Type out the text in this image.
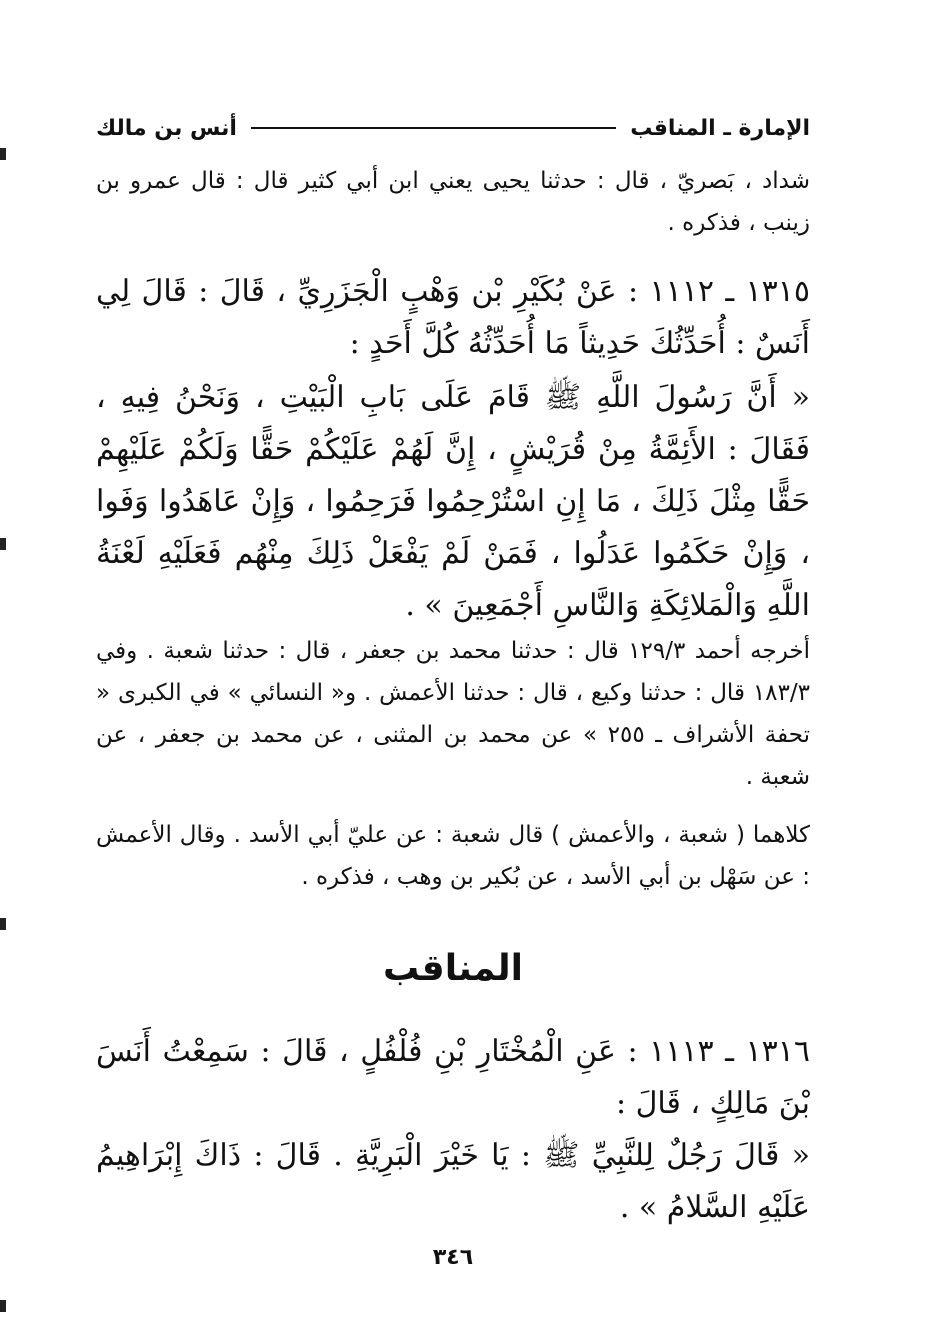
الإمارة ـ المناقب
أنس بن مالك

شداد ، بَصريّ ، قال : حدثنا يحيى يعني ابن أبي كثير قال : قال عمرو بن زينب ، فذكره .

١٣١٥ ـ ١١١٢ : عَنْ بُكَيْرِ بْن وَهْبٍ الْجَزَرِيِّ ، قَالَ : قَالَ لِي أَنَسٌ : أُحَدِّثُكَ حَدِيثاً مَا أُحَدِّثُهُ كُلَّ أَحَدٍ :

« أَنَّ رَسُولَ اللَّهِ ﷺ قَامَ عَلَى بَابِ الْبَيْتِ ، وَنَحْنُ فِيهِ ، فَقَالَ : الأَئِمَّةُ مِنْ قُرَيْشٍ ، إِنَّ لَهُمْ عَلَيْكُمْ حَقًّا وَلَكُمْ عَلَيْهِمْ حَقًّا مِثْلَ ذَلِكَ ، مَا إِنِ اسْتُرْحِمُوا فَرَحِمُوا ، وَإِنْ عَاهَدُوا وَفَوا ، وَإِنْ حَكَمُوا عَدَلُوا ، فَمَنْ لَمْ يَفْعَلْ ذَلِكَ مِنْهُم فَعَلَيْهِ لَعْنَةُ اللَّهِ وَالْمَلائِكَةِ وَالنَّاسِ أَجْمَعِينَ » .

أخرجه أحمد ١٢٩/٣ قال : حدثنا محمد بن جعفر ، قال : حدثنا شعبة . وفي ١٨٣/٣ قال : حدثنا وكيع ، قال : حدثنا الأعمش . و« النسائي » في الكبرى « تحفة الأشراف ـ ٢٥٥ » عن محمد بن المثنى ، عن محمد بن جعفر ، عن شعبة .

كلاهما ( شعبة ، والأعمش ) قال شعبة : عن عليّ أبي الأسد . وقال الأعمش : عن سَهْل بن أبي الأسد ، عن بُكير بن وهب ، فذكره .

المناقب

١٣١٦ ـ ١١١٣ : عَنِ الْمُخْتَارِ بْنِ فُلْفُلٍ ، قَالَ : سَمِعْتُ أَنَسَ بْنَ مَالِكٍ ، قَالَ :

« قَالَ رَجُلٌ لِلنَّبِيِّ ﷺ : يَا خَيْرَ الْبَرِيَّةِ . قَالَ : ذَاكَ إِبْرَاهِيمُ عَلَيْهِ السَّلامُ » .

٣٤٦
